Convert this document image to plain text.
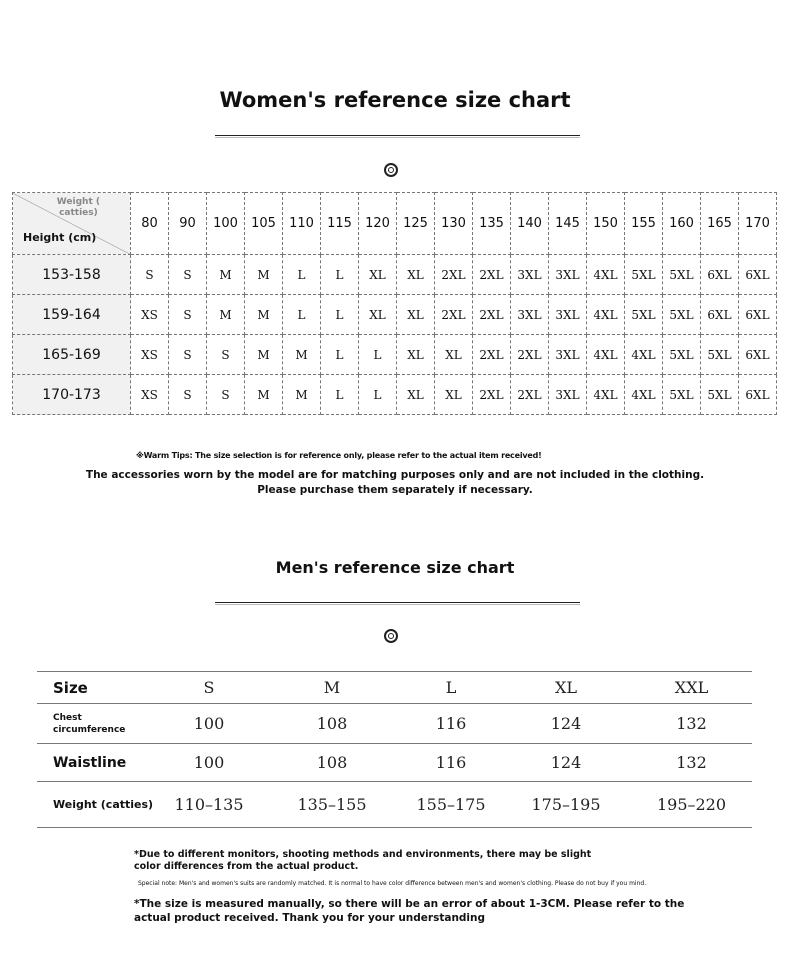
Women's reference size chart
Weight (
catties)
Height (cm)	80	90	100	105	110	115	120	125	130	135	140	145	150	155	160	165	170
153-158	S	S	M	M	L	L	XL	XL	2XL	2XL	3XL	3XL	4XL	5XL	5XL	6XL	6XL
159-164	XS	S	M	M	L	L	XL	XL	2XL	2XL	3XL	3XL	4XL	5XL	5XL	6XL	6XL
165-169	XS	S	S	M	M	L	L	XL	XL	2XL	2XL	3XL	4XL	4XL	5XL	5XL	6XL
170-173	XS	S	S	M	M	L	L	XL	XL	2XL	2XL	3XL	4XL	4XL	5XL	5XL	6XL
※Warm Tips: The size selection is for reference only, please refer to the actual item received!
The accessories worn by the model are for matching purposes only and are not included in the clothing.
Please purchase them separately if necessary.
Men's reference size chart
Size	S	M	L	XL	XXL

Chest
circumference	100	108	116	124	132
Waistline	100	108	116	124	132
Weight (catties)	110–135	135–155	155–175	175–195	195–220
*Due to different monitors, shooting methods and environments, there may be slight color differences from the actual product.
Special note: Men's and women's suits are randomly matched. It is normal to have color difference between men's and women's clothing. Please do not buy if you mind.
*The size is measured manually, so there will be an error of about 1-3CM. Please refer to the actual product received. Thank you for your understanding
